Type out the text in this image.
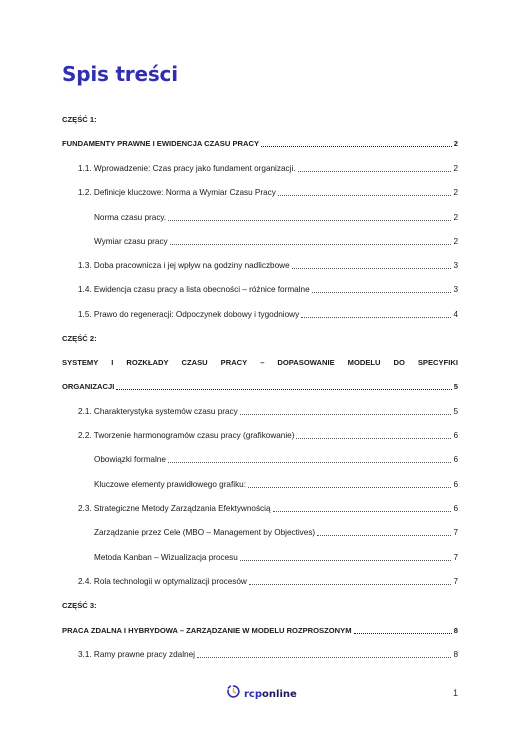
Spis treści
CZĘŚĆ 1:
FUNDAMENTY PRAWNE I EWIDENCJA CZASU PRACY	2
1.1. Wprowadzenie: Czas pracy jako fundament organizacji.	2
1.2. Definicje kluczowe: Norma a Wymiar Czasu Pracy	2
Norma czasu pracy.	2
Wymiar czasu pracy	2
1.3. Doba pracownicza i jej wpływ na godziny nadliczbowe	3
1.4. Ewidencja czasu pracy a lista obecności – różnice formalne	3
1.5. Prawo do regeneracji: Odpoczynek dobowy i tygodniowy	4
CZĘŚĆ 2:
SYSTEMY I ROZKŁADY CZASU PRACY – DOPASOWANIE MODELU DO SPECYFIKI
ORGANIZACJI	5
2.1. Charakterystyka systemów czasu pracy	5
2.2. Tworzenie harmonogramów czasu pracy (grafikowanie)	6
Obowiązki formalne	6
Kluczowe elementy prawidłowego grafiku:	6
2.3. Strategiczne Metody Zarządzania Efektywnością	6
Zarządzanie przez Cele (MBO – Management by Objectives)	7
Metoda Kanban – Wizualizacja procesu	7
2.4. Rola technologii w optymalizacji procesów	7
CZĘŚĆ 3:
PRACA ZDALNA I HYBRYDOWA – ZARZĄDZANIE W MODELU ROZPROSZONYM	8
3.1. Ramy prawne pracy zdalnej	8
rcponline	1
